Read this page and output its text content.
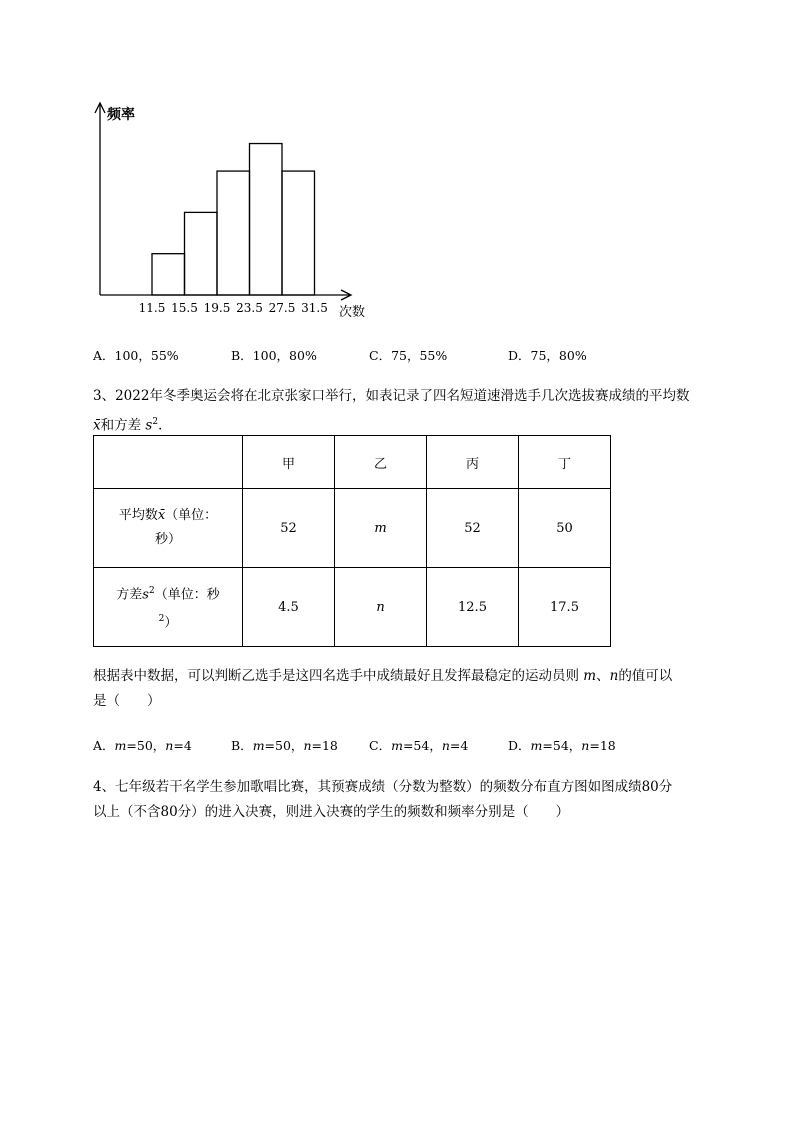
频率
次数
11.5 15.5 19.5 23.5 27.5 31.5
A．100，55%	B．100，80%	C．75，55%	D．75，80%
3、2022年冬季奥运会将在北京张家口举行，如表记录了四名短道速滑选手几次选拔赛成绩的平均数
x̄和方差 $s^2$．
	甲	乙	丙	丁
平均数x̄（单位：
秒）	52	m	52	50
方差$s^2$（单位：秒
$^2$）	4.5	n	12.5	17.5
根据表中数据，可以判断乙选手是这四名选手中成绩最好且发挥最稳定的运动员则 m、n的值可以
是（　　）
A．m=50，n=4	B．m=50，n=18 C．m=54，n=4	D．m=54，n=18
4、七年级若干名学生参加歌唱比赛，其预赛成绩（分数为整数）的频数分布直方图如图成绩80分
以上（不含80分）的进入决赛，则进入决赛的学生的频数和频率分别是（　　）
